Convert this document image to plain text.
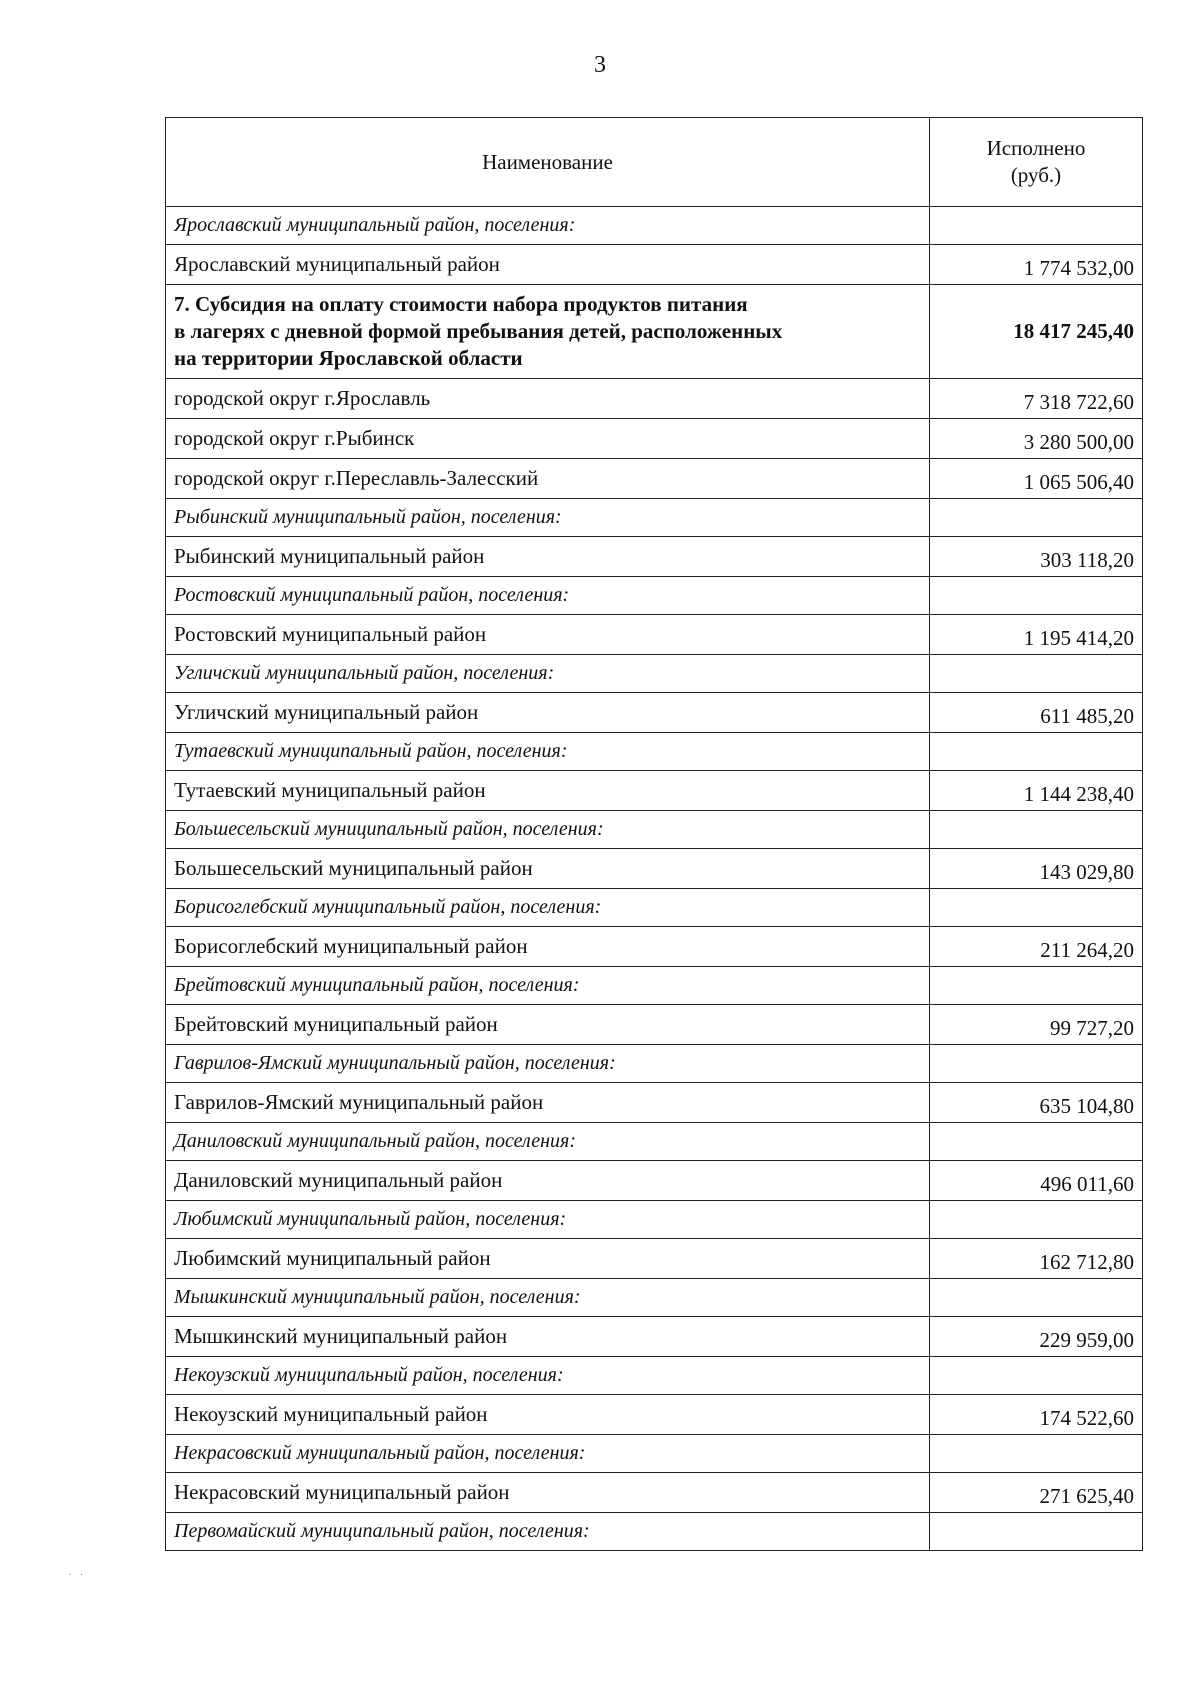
3
Наименование	Исполнено
(руб.)

Ярославский муниципальный район, поселения:	
Ярославский муниципальный район	1 774 532,00

7. Субсидия на оплату стоимости набора продуктов питания
в лагерях с дневной формой пребывания детей, расположенных
на территории Ярославской области	18 417 245,40
городской округ г.Ярославль	7 318 722,60
городской округ г.Рыбинск	3 280 500,00
городской округ г.Переславль-Залесский	1 065 506,40
Рыбинский муниципальный район, поселения:	
Рыбинский муниципальный район	303 118,20
Ростовский муниципальный район, поселения:	
Ростовский муниципальный район	1 195 414,20
Угличский муниципальный район, поселения:	
Угличский муниципальный район	611 485,20
Тутаевский муниципальный район, поселения:	
Тутаевский муниципальный район	1 144 238,40
Большесельский муниципальный район, поселения:	
Большесельский муниципальный район	143 029,80
Борисоглебский муниципальный район, поселения:	
Борисоглебский муниципальный район	211 264,20
Брейтовский муниципальный район, поселения:	
Брейтовский муниципальный район	99 727,20
Гаврилов-Ямский муниципальный район, поселения:	
Гаврилов-Ямский муниципальный район	635 104,80
Даниловский муниципальный район, поселения:	
Даниловский муниципальный район	496 011,60
Любимский муниципальный район, поселения:	
Любимский муниципальный район	162 712,80
Мышкинский муниципальный район, поселения:	
Мышкинский муниципальный район	229 959,00
Некоузский муниципальный район, поселения:	
Некоузский муниципальный район	174 522,60
Некрасовский муниципальный район, поселения:	
Некрасовский муниципальный район	271 625,40
Первомайский муниципальный район, поселения:	
· ·
